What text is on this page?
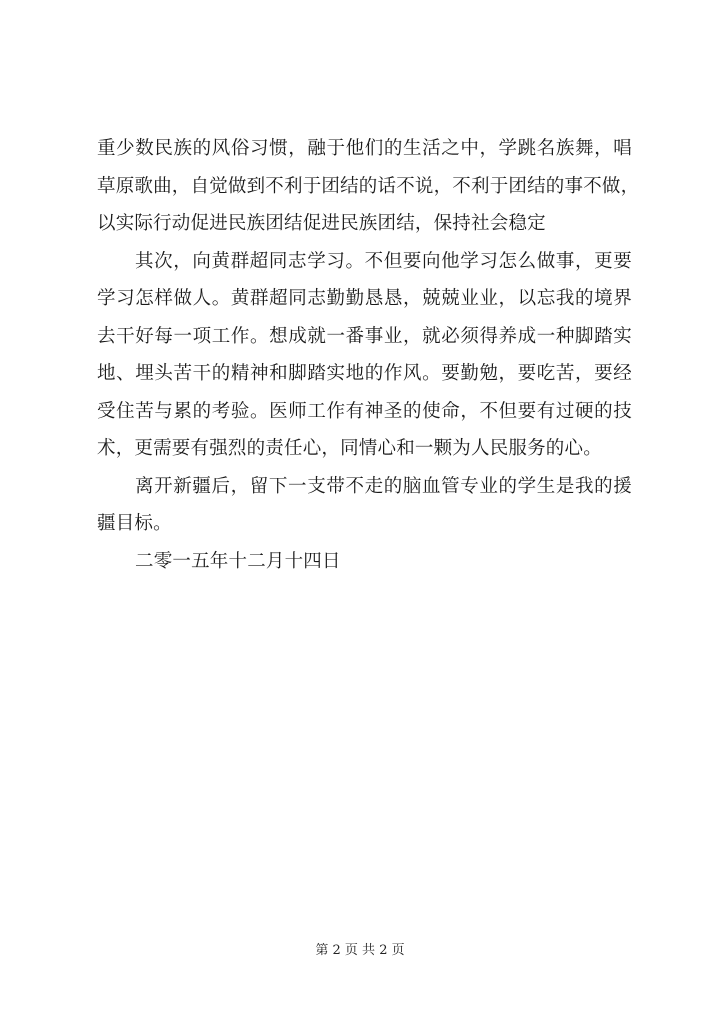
重少数民族的风俗习惯，融于他们的生活之中，学跳名族舞，唱
草原歌曲，自觉做到不利于团结的话不说，不利于团结的事不做，
以实际行动促进民族团结促进民族团结，保持社会稳定
其次，向黄群超同志学习。不但要向他学习怎么做事，更要
学习怎样做人。黄群超同志勤勤恳恳，兢兢业业，以忘我的境界
去干好每一项工作。想成就一番事业，就必须得养成一种脚踏实
地、埋头苦干的精神和脚踏实地的作风。要勤勉，要吃苦，要经
受住苦与累的考验。医师工作有神圣的使命，不但要有过硬的技
术，更需要有强烈的责任心，同情心和一颗为人民服务的心。
离开新疆后，留下一支带不走的脑血管专业的学生是我的援
疆目标。
二零一五年十二月十四日
第 2 页 共 2 页
